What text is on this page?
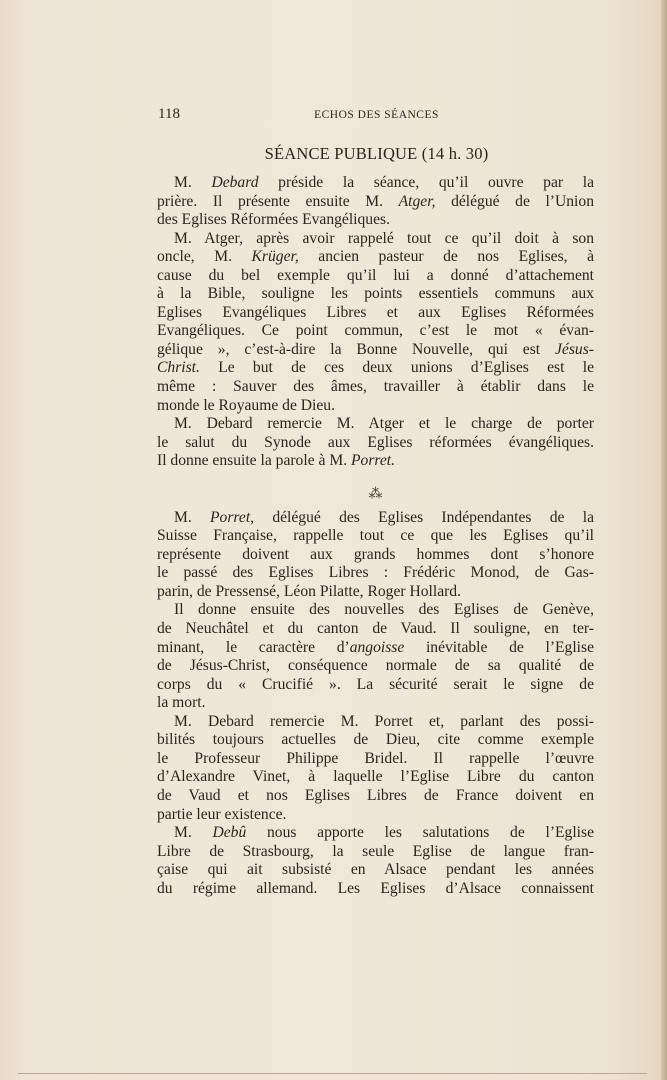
118	ECHOS DES SÉANCES
SÉANCE PUBLIQUE (14 h. 30)
M. Debard préside la séance, qu’il ouvre par la
prière. Il présente ensuite M. Atger, délégué de l’Union
des Eglises Réformées Evangéliques.
M. Atger, après avoir rappelé tout ce qu’il doit à son
oncle, M. Krüger, ancien pasteur de nos Eglises, à
cause du bel exemple qu’il lui a donné d’attachement
à la Bible, souligne les points essentiels communs aux
Eglises Evangéliques Libres et aux Eglises Réformées
Evangéliques. Ce point commun, c’est le mot « évan-
gélique », c’est-à-dire la Bonne Nouvelle, qui est Jésus-
Christ. Le but de ces deux unions d’Eglises est le
même : Sauver des âmes, travailler à établir dans le
monde le Royaume de Dieu.
M. Debard remercie M. Atger et le charge de porter
le salut du Synode aux Eglises réformées évangéliques.
Il donne ensuite la parole à M. Porret.
⁂
M. Porret, délégué des Eglises Indépendantes de la
Suisse Française, rappelle tout ce que les Eglises qu’il
représente doivent aux grands hommes dont s’honore
le passé des Eglises Libres : Frédéric Monod, de Gas-
parin, de Pressensé, Léon Pilatte, Roger Hollard.
Il donne ensuite des nouvelles des Eglises de Genève,
de Neuchâtel et du canton de Vaud. Il souligne, en ter-
minant, le caractère d’angoisse inévitable de l’Eglise
de Jésus-Christ, conséquence normale de sa qualité de
corps du « Crucifié ». La sécurité serait le signe de
la mort.
M. Debard remercie M. Porret et, parlant des possi-
bilités toujours actuelles de Dieu, cite comme exemple
le Professeur Philippe Bridel. Il rappelle l’œuvre
d’Alexandre Vinet, à laquelle l’Eglise Libre du canton
de Vaud et nos Eglises Libres de France doivent en
partie leur existence.
M. Debû nous apporte les salutations de l’Eglise
Libre de Strasbourg, la seule Eglise de langue fran-
çaise qui ait subsisté en Alsace pendant les années
du régime allemand. Les Eglises d’Alsace connaissent
